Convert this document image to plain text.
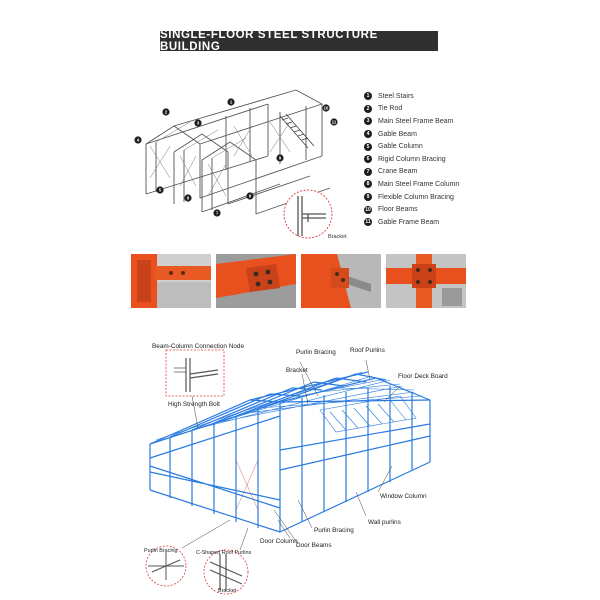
SINGLE-FLOOR STEEL STRUCTURE BUILDING
Bracket
1
2
3
4
5
6
7
8
9
10
11
1	Steel Stairs
2	Tie Rod
3	Main Steel Frame Beam
4	Gable Beam
5	Gable Column
6	Rigid Column Bracing
7	Crane Beam
8	Main Steel Frame Column
9	Flexible Column Bracing
10 Floor Beams
11 Gable Frame Beam
Beam-Column Connection Node
High Strength Bolt
Purlin Bracing Roof Purlins
Bracket
Floor Deck Board
Window Column
Wall purlins
Purlin Bracing
Door Column
Door Beams
Purlin Bracing	C-Shaped Roof Purlins
Bracket
